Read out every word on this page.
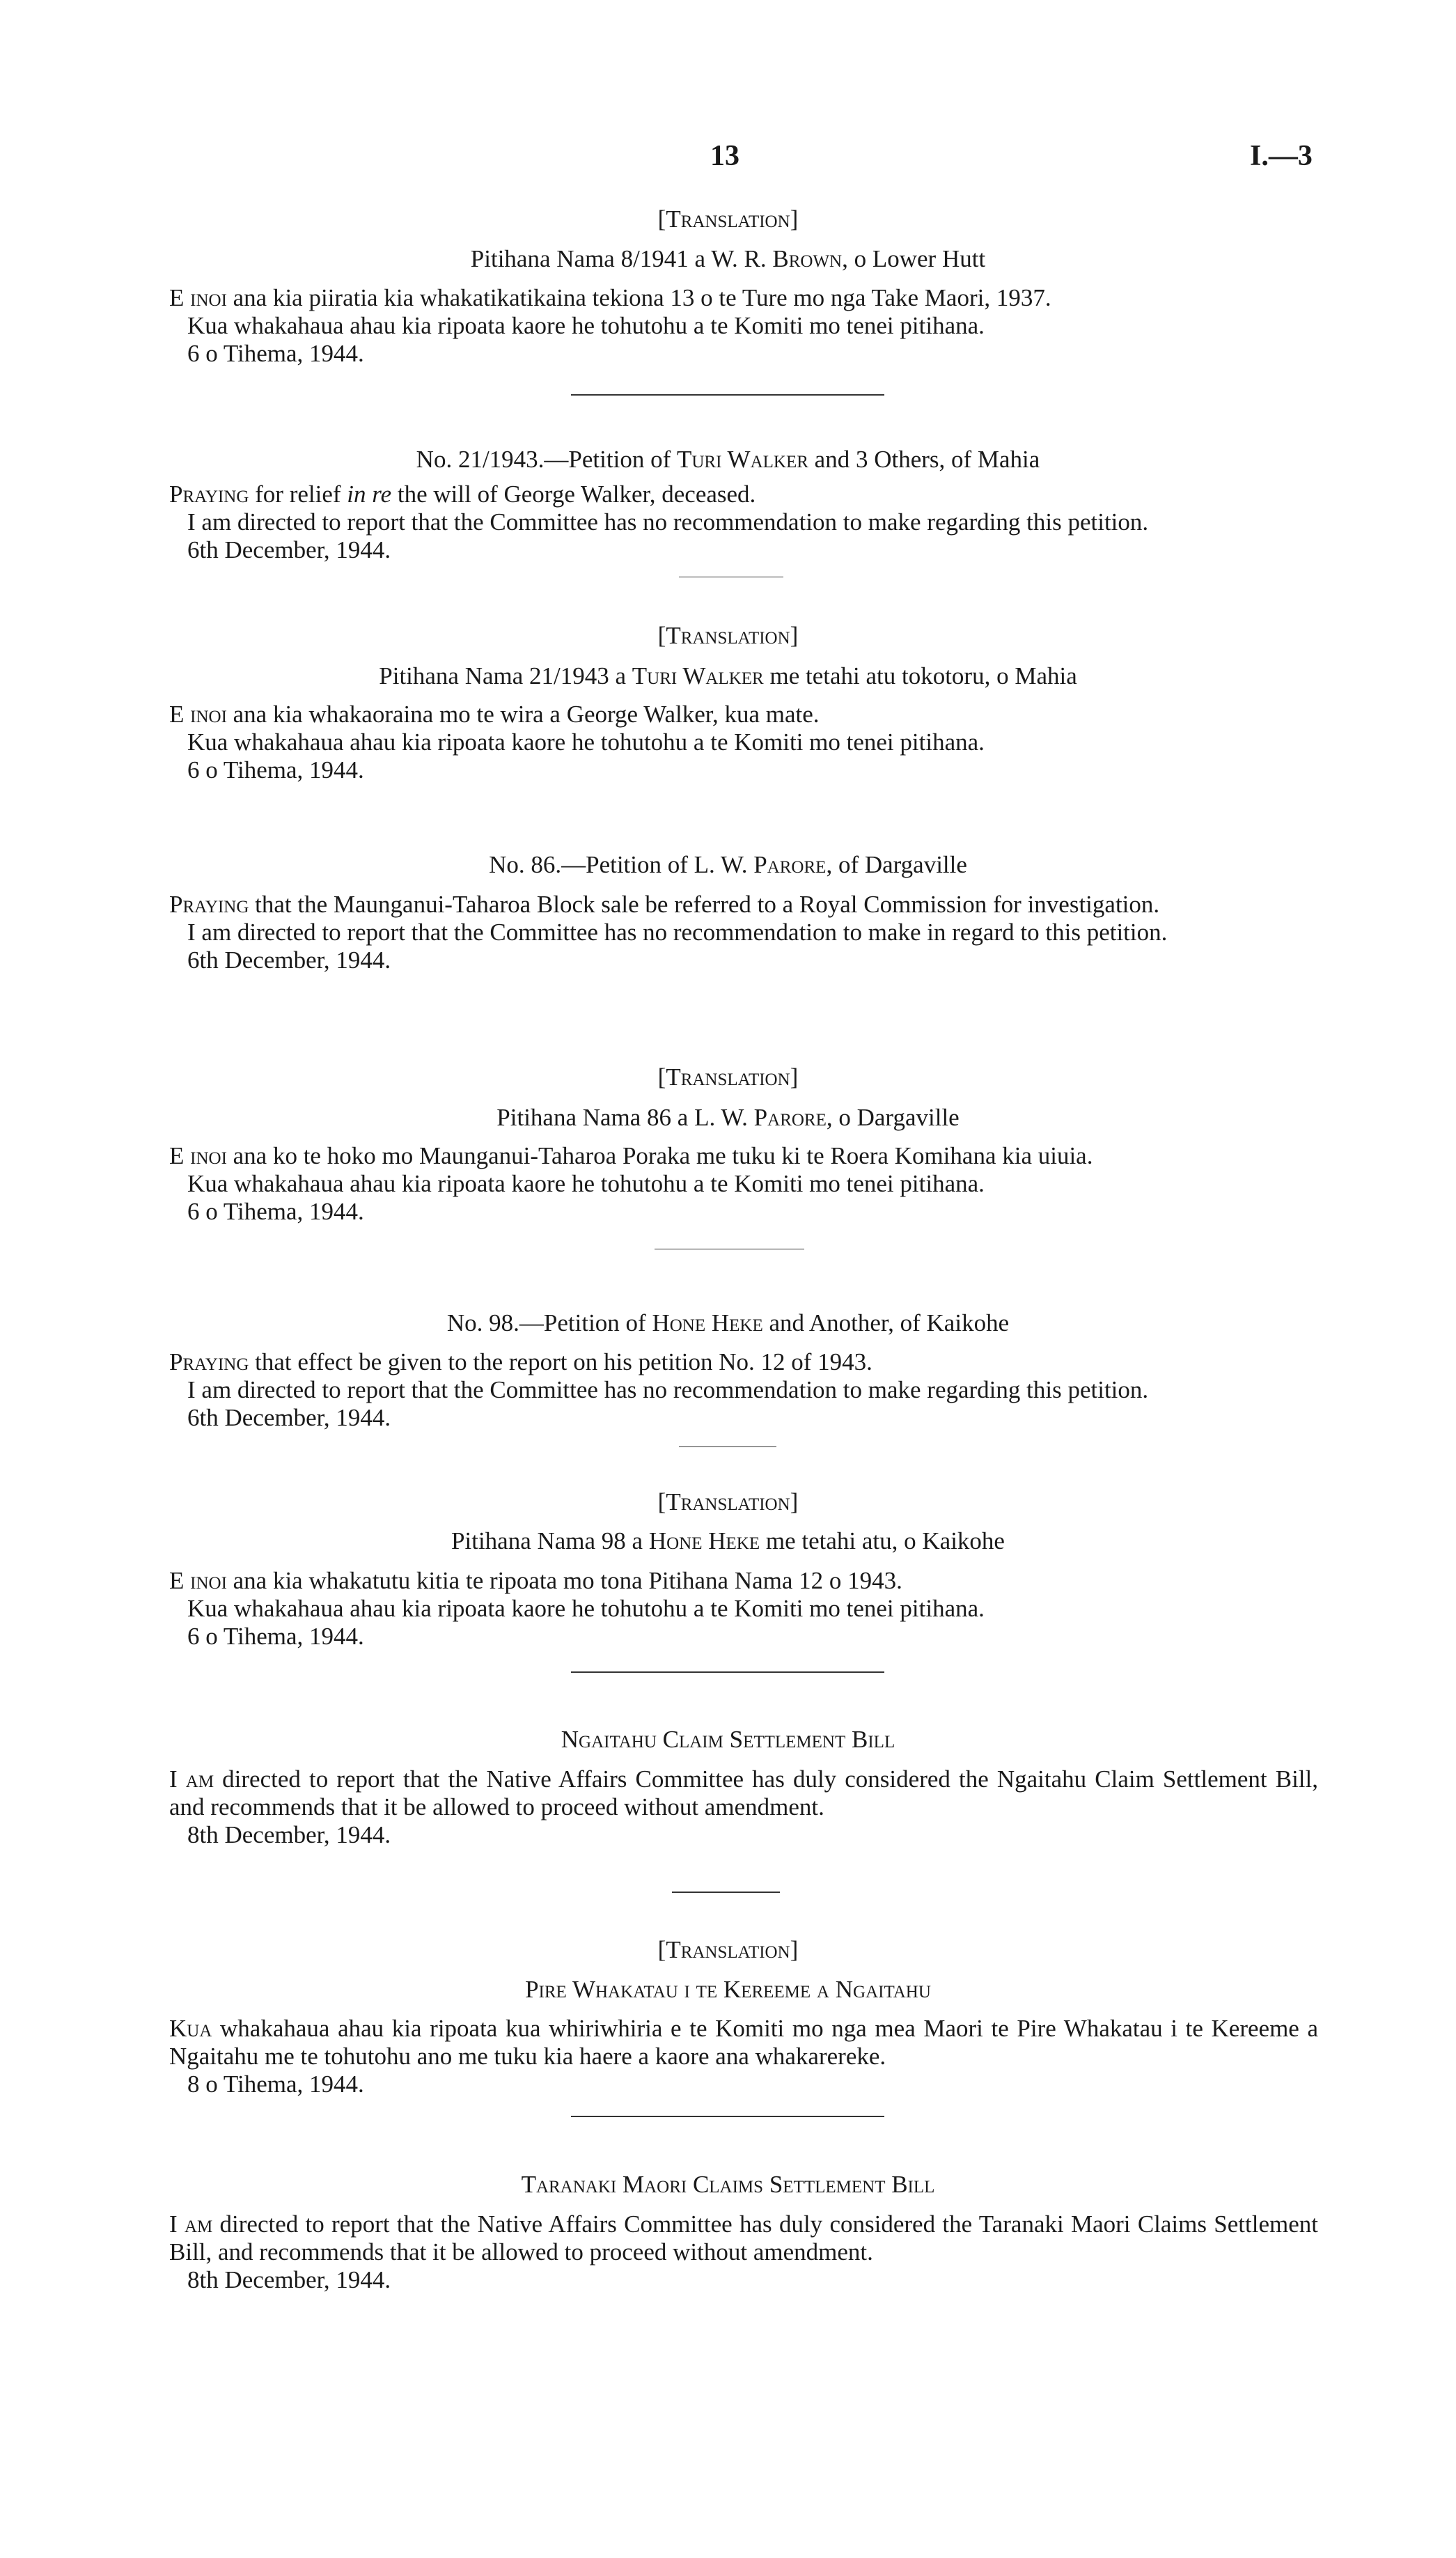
13	I.—3
[Translation]
Pitihana Nama 8/1941 a W. R. Brown, o Lower Hutt

E inoi ana kia piiratia kia whakatikatikaina tekiona 13 o te Ture mo nga Take Maori, 1937.

Kua whakahaua ahau kia ripoata kaore he tohutohu a te Komiti mo tenei pitihana.

6 o Tihema, 1944.

No. 21/1943.—Petition of Turi Walker and 3 Others, of Mahia

Praying for relief in re the will of George Walker, deceased.

I am directed to report that the Committee has no recommendation to make regarding this petition.

6th December, 1944.

[Translation]
Pitihana Nama 21/1943 a Turi Walker me tetahi atu tokotoru, o Mahia

E inoi ana kia whakaoraina mo te wira a George Walker, kua mate.

Kua whakahaua ahau kia ripoata kaore he tohutohu a te Komiti mo tenei pitihana.

6 o Tihema, 1944.

No. 86.—Petition of L. W. Parore, of Dargaville

Praying that the Maunganui-Taharoa Block sale be referred to a Royal Commission for investigation.

I am directed to report that the Committee has no recommendation to make in regard to this petition.

6th December, 1944.

[Translation]
Pitihana Nama 86 a L. W. Parore, o Dargaville

E inoi ana ko te hoko mo Maunganui-Taharoa Poraka me tuku ki te Roera Komihana kia uiuia.

Kua whakahaua ahau kia ripoata kaore he tohutohu a te Komiti mo tenei pitihana.

6 o Tihema, 1944.

No. 98.—Petition of Hone Heke and Another, of Kaikohe

Praying that effect be given to the report on his petition No. 12 of 1943.

I am directed to report that the Committee has no recommendation to make regarding this petition.

6th December, 1944.

[Translation]
Pitihana Nama 98 a Hone Heke me tetahi atu, o Kaikohe

E inoi ana kia whakatutu kitia te ripoata mo tona Pitihana Nama 12 o 1943.

Kua whakahaua ahau kia ripoata kaore he tohutohu a te Komiti mo tenei pitihana.

6 o Tihema, 1944.

Ngaitahu Claim Settlement Bill

I am directed to report that the Native Affairs Committee has duly considered the Ngaitahu Claim Settlement Bill, and recommends that it be allowed to proceed without amendment.

8th December, 1944.

[Translation]
Pire Whakatau i te Kereeme a Ngaitahu

Kua whakahaua ahau kia ripoata kua whiriwhiria e te Komiti mo nga mea Maori te Pire Whakatau i te Kereeme a Ngaitahu me te tohutohu ano me tuku kia haere a kaore ana whakarereke.

8 o Tihema, 1944.

Taranaki Maori Claims Settlement Bill

I am directed to report that the Native Affairs Committee has duly considered the Taranaki Maori Claims Settlement Bill, and recommends that it be allowed to proceed without amendment.

8th December, 1944.
